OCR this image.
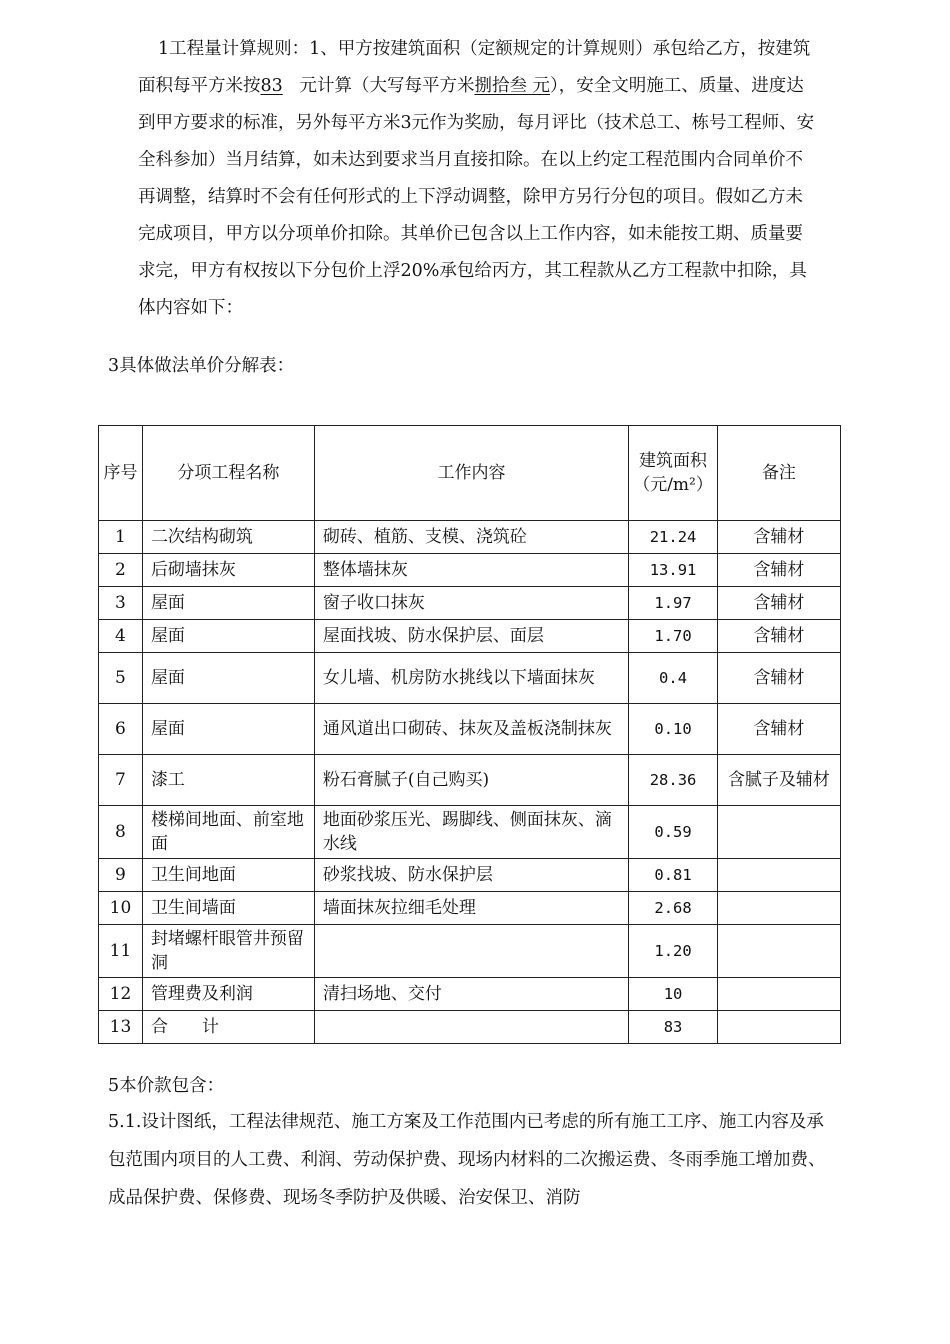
1工程量计算规则：1、甲方按建筑面积（定额规定的计算规则）承包给乙方，按建筑面积每平方米按83 元计算（大写每平方米捌拾叁 元），安全文明施工、质量、进度达到甲方要求的标准，另外每平方米3元作为奖励，每月评比（技术总工、栋号工程师、安全科参加）当月结算，如未达到要求当月直接扣除。在以上约定工程范围内合同单价不再调整，结算时不会有任何形式的上下浮动调整，除甲方另行分包的项目。假如乙方未完成项目，甲方以分项单价扣除。其单价已包含以上工作内容，如未能按工期、质量要求完，甲方有权按以下分包价上浮20%承包给丙方，其工程款从乙方工程款中扣除，具体内容如下：

3具体做法单价分解表：

序号	分项工程名称	工作内容	建筑面积（元/m²）	备注
1	二次结构砌筑	砌砖、植筋、支模、浇筑砼	21.24	含辅材
2	后砌墙抹灰	整体墙抹灰	13.91	含辅材
3	屋面	窗子收口抹灰	1.97	含辅材
4	屋面	屋面找坡、防水保护层、面层	1.70	含辅材
5	屋面	女儿墙、机房防水挑线以下墙面抹灰	0.4	含辅材
6	屋面	通风道出口砌砖、抹灰及盖板浇制抹灰	0.10	含辅材
7	漆工	粉石膏腻子(自己购买)	28.36	含腻子及辅材
8	楼梯间地面、前室地面	地面砂浆压光、踢脚线、侧面抹灰、滴水线	0.59	
9	卫生间地面	砂浆找坡、防水保护层	0.81	
10	卫生间墙面	墙面抹灰拉细毛处理	2.68	
11	封堵螺杆眼管井预留洞		1.20	
12	管理费及利润	清扫场地、交付	10	
13	合　　计		83	

5本价款包含：

5.1.设计图纸，工程法律规范、施工方案及工作范围内已考虑的所有施工工序、施工内容及承包范围内项目的人工费、利润、劳动保护费、现场内材料的二次搬运费、冬雨季施工增加费、成品保护费、保修费、现场冬季防护及供暖、治安保卫、消防
